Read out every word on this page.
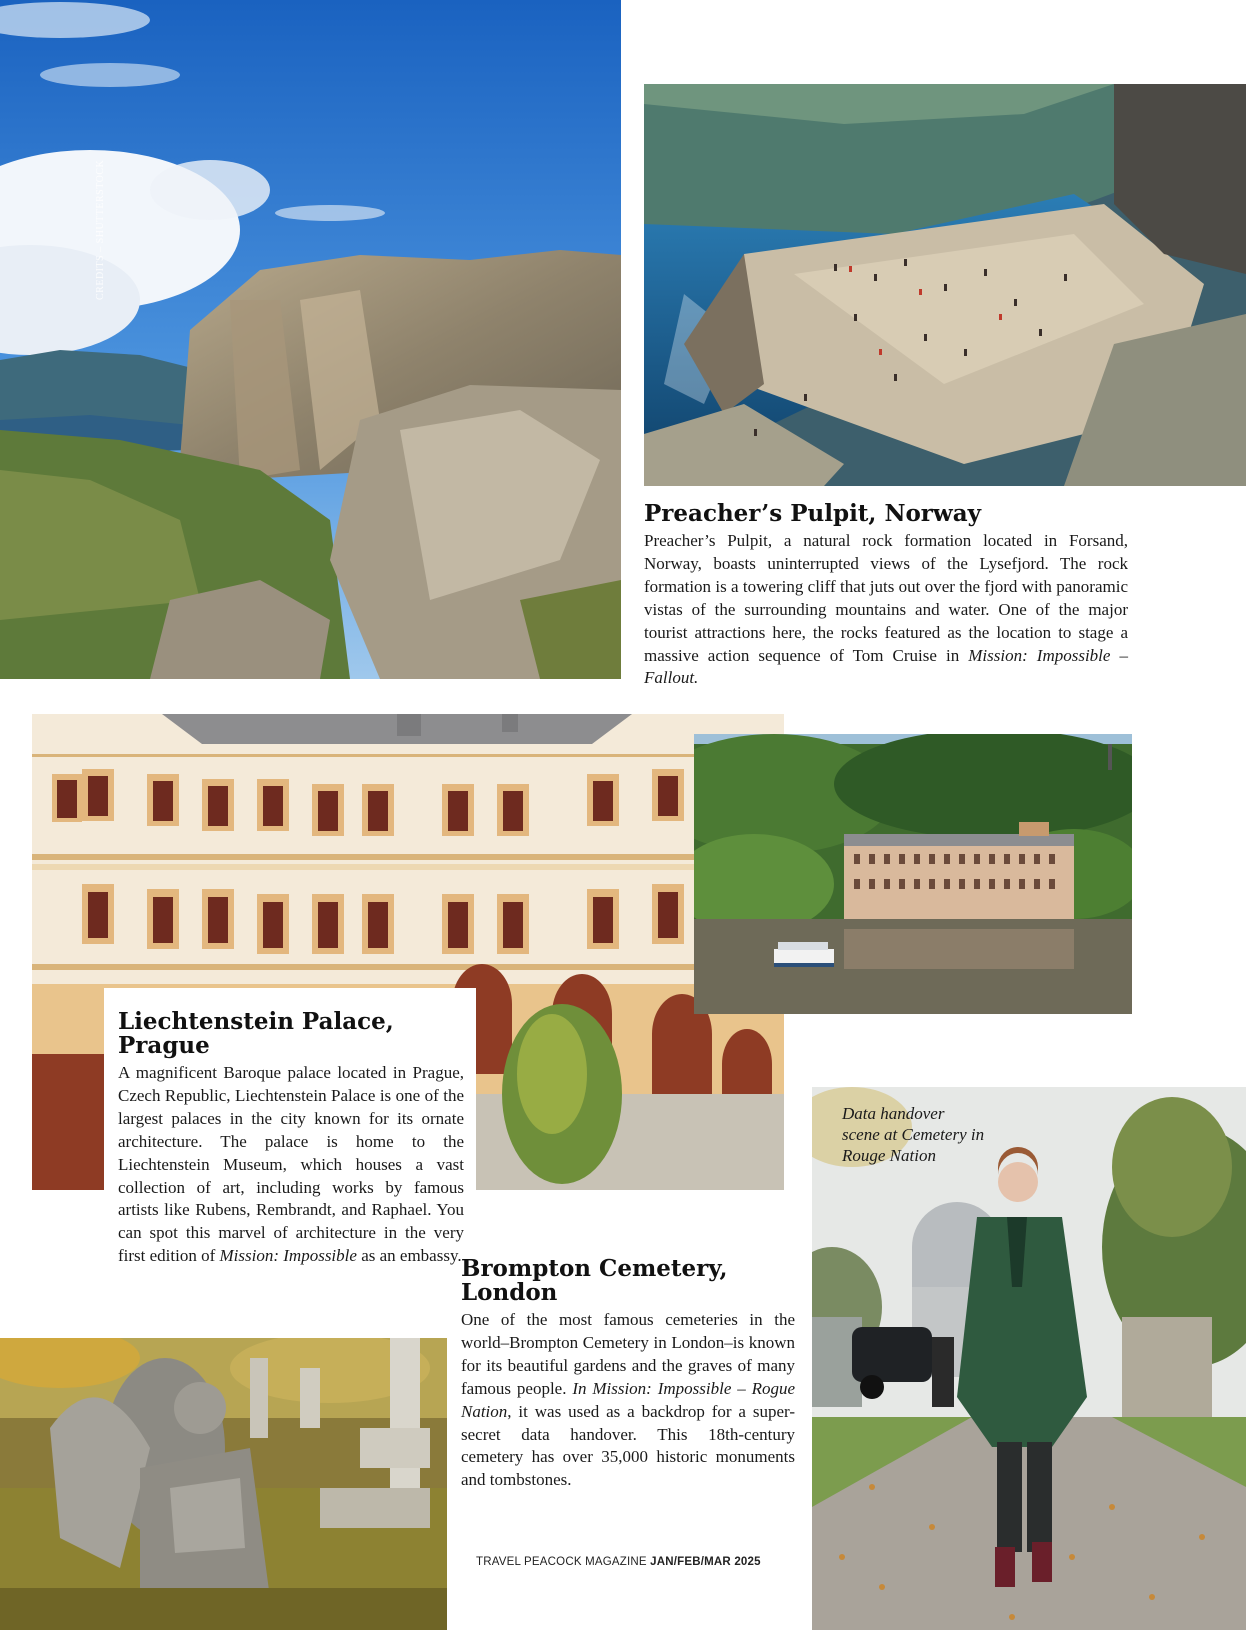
CREDITS – SHUTTERSTOCK
Preacher’s Pulpit, Norway

Preacher’s Pulpit, a natural rock formation located in Forsand, Norway, boasts uninterrupted views of the Lysefjord. The rock formation is a towering cliff that juts out over the fjord with panoramic vistas of the surrounding mountains and water. One of the major tourist attractions here, the rocks featured as the location to stage a massive action sequence of Tom Cruise in Mission: Impossible – Fallout.

Liechtenstein Palace,
Prague

A magnificent Baroque palace located in Prague, Czech Republic, Liechtenstein Palace is one of the largest palaces in the city known for its ornate architecture. The palace is home to the Liechtenstein Museum, which houses a vast collection of art, including works by famous artists like Rubens, Rembrandt, and Raphael. You can spot this marvel of architecture in the very first edition of Mission: Impossible as an embassy.

Data handover
scene at Cemetery in
Rouge Nation
Brompton Cemetery,
London

One of the most famous cemeteries in the world–Brompton Cemetery in London–is known for its beautiful gardens and the graves of many famous people. In Mission: Impossible – Rogue Nation, it was used as a backdrop for a super-secret data handover. This 18th-century cemetery has over 35,000 historic monuments and tombstones.

TRAVEL PEACOCK MAGAZINE JAN/FEB/MAR 2025
